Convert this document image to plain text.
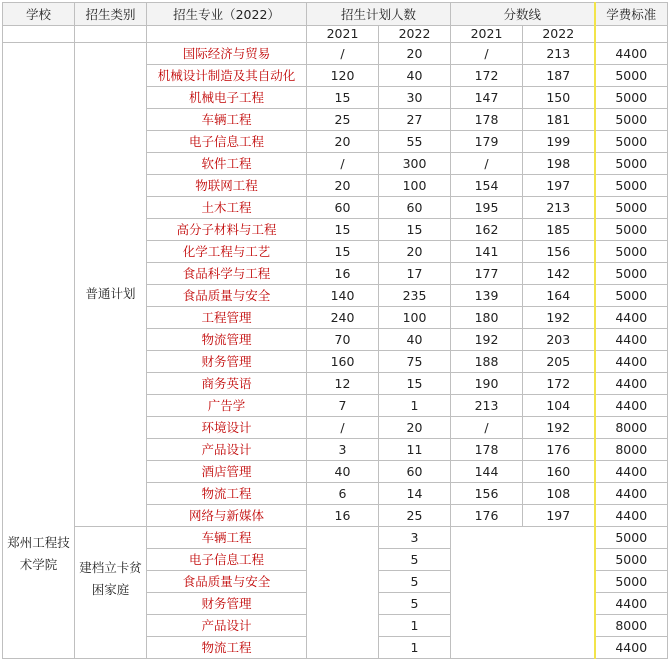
学校	招生类别	招生专业（2022）	招生计划人数		分数线		学费标准
			2021	2022	2021	2022	
郑州工程技术学院	普通计划	国际经济与贸易	/	20	/	213	4400
		机械设计制造及其自动化	120	40	172	187	5000
		机械电子工程	15	30	147	150	5000
		车辆工程	25	27	178	181	5000
		电子信息工程	20	55	179	199	5000
		软件工程	/	300	/	198	5000
		物联网工程	20	100	154	197	5000
		土木工程	60	60	195	213	5000
		高分子材料与工程	15	15	162	185	5000
		化学工程与工艺	15	20	141	156	5000
		食品科学与工程	16	17	177	142	5000
		食品质量与安全	140	235	139	164	5000
		工程管理	240	100	180	192	4400
		物流管理	70	40	192	203	4400
		财务管理	160	75	188	205	4400
		商务英语	12	15	190	172	4400
		广告学	7	1	213	104	4400
		环境设计	/	20	/	192	8000
		产品设计	3	11	178	176	8000
		酒店管理	40	60	144	160	4400
		物流工程	6	14	156	108	4400
		网络与新媒体	16	25	176	197	4400
	建档立卡贫困家庭	车辆工程		3			5000
		电子信息工程		5			5000
		食品质量与安全		5			5000
		财务管理		5			4400
		产品设计		1			8000
		物流工程		1			4400
